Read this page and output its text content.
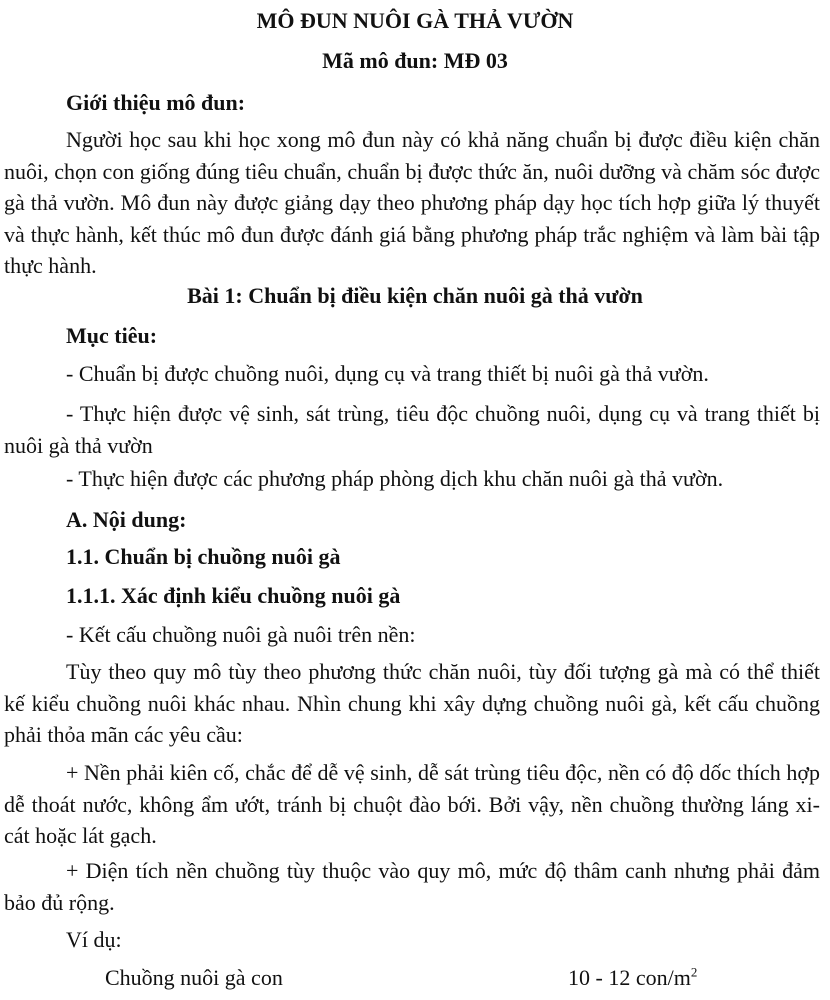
MÔ ĐUN NUÔI GÀ THẢ VƯỜN
Mã mô đun: MĐ 03
Giới thiệu mô đun:
Người học sau khi học xong mô đun này có khả năng chuẩn bị được điều kiện chăn nuôi, chọn con giống đúng tiêu chuẩn, chuẩn bị được thức ăn, nuôi dưỡng và chăm sóc được gà thả vườn. Mô đun này được giảng dạy theo phương pháp dạy học tích hợp giữa lý thuyết và thực hành, kết thúc mô đun được đánh giá bằng phương pháp trắc nghiệm và làm bài tập thực hành.
Bài 1: Chuẩn bị điều kiện chăn nuôi gà thả vườn
Mục tiêu:
- Chuẩn bị được chuồng nuôi, dụng cụ và trang thiết bị nuôi gà thả vườn.
- Thực hiện được vệ sinh, sát trùng, tiêu độc chuồng nuôi, dụng cụ và trang thiết bị nuôi gà thả vườn
- Thực hiện được các phương pháp phòng dịch khu chăn nuôi gà thả vườn.
A. Nội dung:
1.1. Chuẩn bị chuồng nuôi gà
1.1.1. Xác định kiểu chuồng nuôi gà
- Kết cấu chuồng nuôi gà nuôi trên nền:
Tùy theo quy mô tùy theo phương thức chăn nuôi, tùy đối tượng gà mà có thể thiết kế kiểu chuồng nuôi khác nhau. Nhìn chung khi xây dựng chuồng nuôi gà, kết cấu chuồng phải thỏa mãn các yêu cầu:
+ Nền phải kiên cố, chắc để dễ vệ sinh, dễ sát trùng tiêu độc, nền có độ dốc thích hợp dễ thoát nước, không ẩm ướt, tránh bị chuột đào bới. Bởi vậy, nền chuồng thường láng xi-cát hoặc lát gạch.
+ Diện tích nền chuồng tùy thuộc vào quy mô, mức độ thâm canh nhưng phải đảm bảo đủ rộng.
Ví dụ:
Chuồng nuôi gà con	10 - 12 con/$m^2$
